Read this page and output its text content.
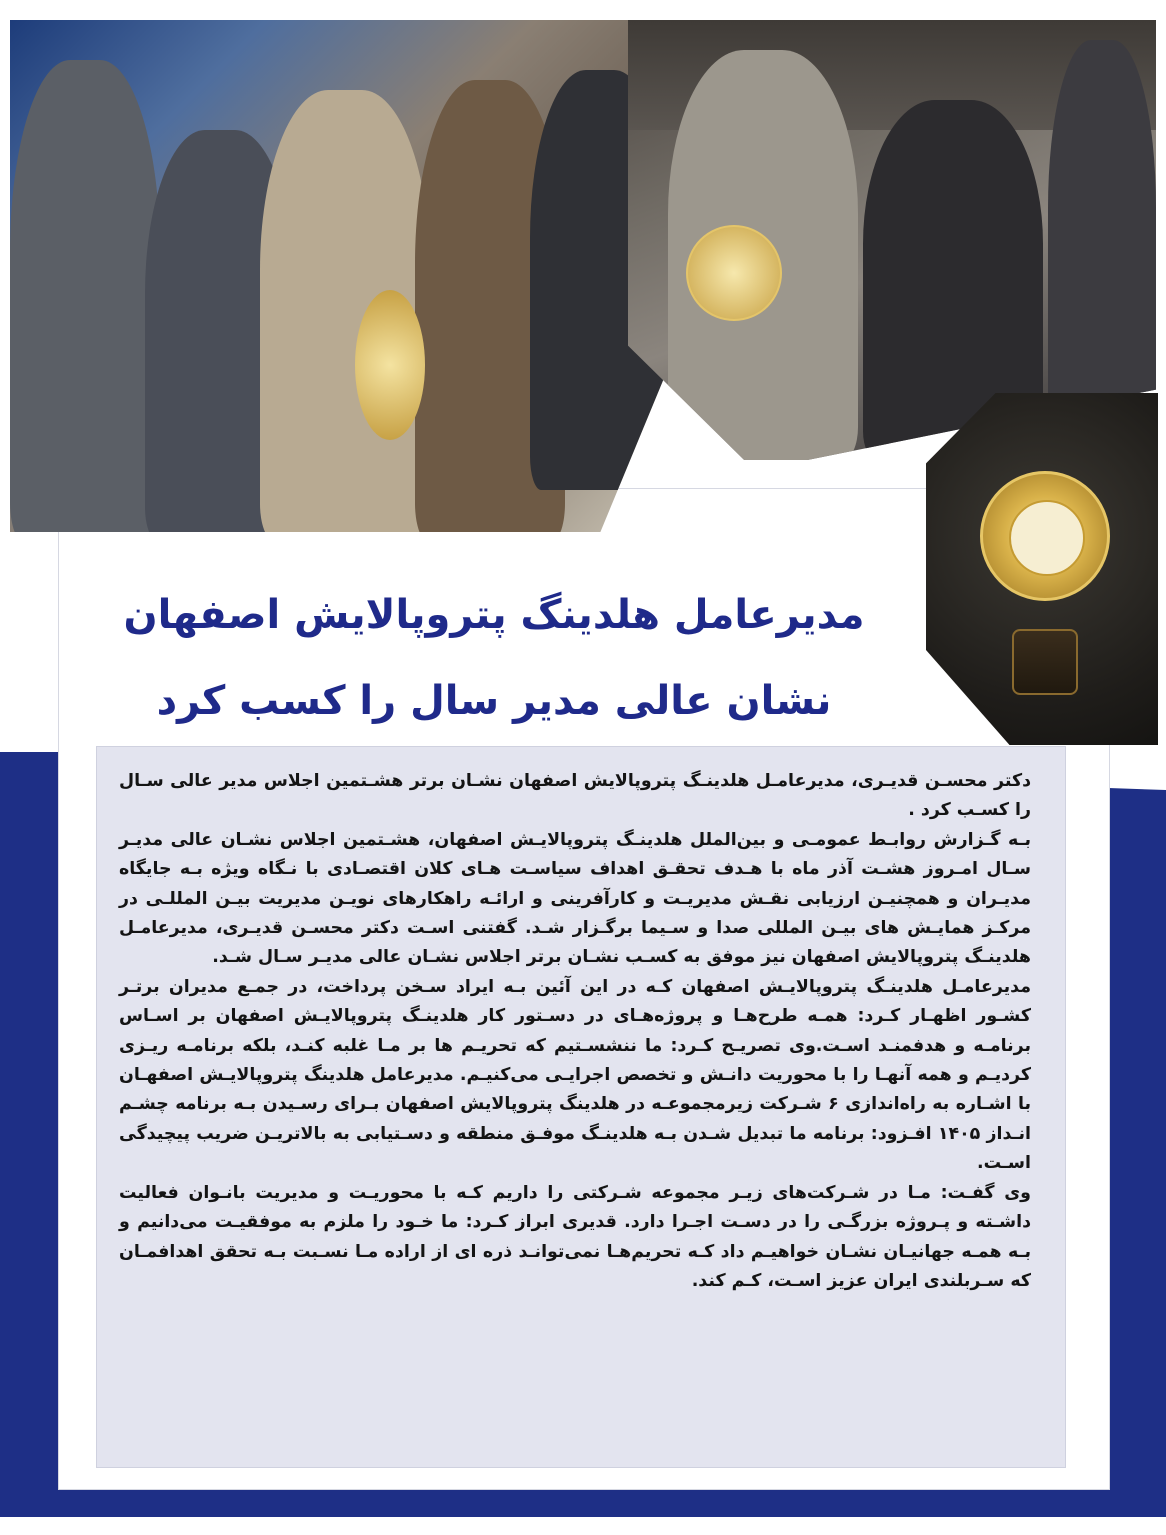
مدیرعامل هلدینگ پتروپالایش اصفهان
نشان عالی مدیر سال را کسب کرد

دکتر محسـن قدیـری، مدیرعامـل هلدینـگ پتروپالایش اصفهان نشـان برتر هشـتمین اجلاس مدیر عالی سـال را کسـب کرد .

بـه گـزارش روابـط عمومـی و بین‌الملل هلدینـگ پتروپالایـش اصفهان، هشـتمین اجلاس نشـان عالی مدیـر سـال امـروز هشـت آذر ماه با هـدف تحقـق اهداف سیاسـت هـای کلان اقتصـادی با نـگاه ویژه بـه جایگاه مدیـران و همچنیـن ارزیابی نقـش مدیریـت و کارآفرینی و ارائـه راهکارهای نویـن مدیریت بیـن المللـی در مرکـز همایـش های بیـن المللی صدا و سـیما برگـزار شـد. گفتنی اسـت دکتر محسـن قدیـری، مدیرعامـل هلدینـگ پتروپالایش اصفهان نیز موفق به کسـب نشـان برتر اجلاس نشـان عالی مدیـر سـال شـد.

مدیرعامـل هلدینـگ پتروپالایـش اصفهان کـه در این آئین بـه ایراد سـخن پرداخت، در جمـع مدیران برتـر کشـور اظهـار کـرد: همـه طرح‌هـا و پروژه‌هـای در دسـتور کار هلدینـگ پتروپالایـش اصفهان بر اسـاس برنامـه و هدفمنـد اسـت.وی تصریـح کـرد: ما ننشسـتیم که تحریـم ها بر مـا غلبه کنـد، بلکه برنامـه ریـزی کردیـم و همه آنهـا را با محوریت دانـش و تخصص اجرایـی می‌کنیـم. مدیرعامل هلدینگ پتروپالایـش اصفهـان با اشـاره به راه‌اندازی ۶ شـرکت زیرمجموعـه در هلدینگ پتروپالایش اصفهان بـرای رسـیدن بـه برنامه چشـم انـداز ۱۴۰۵ افـزود: برنامه ما تبدیل شـدن بـه هلدینـگ موفـق منطقه و دسـتیابی به بالاتریـن ضریب پیچیدگی اسـت.

وی گفـت: مـا در شـرکت‌های زیـر مجموعه شـرکتی را داریم کـه با محوریـت و مدیریت بانـوان فعالیت داشـته و پـروژه بزرگـی را در دسـت اجـرا دارد. قدیری ابراز کـرد: ما خـود را ملزم به موفقیـت می‌دانیم و بـه همـه جهانیـان نشـان خواهیـم داد کـه تحریم‌هـا نمی‌توانـد ذره ای از اراده مـا نسـبت بـه تحقق اهدافمـان که سـربلندی ایران عزیز اسـت، کـم کند.
